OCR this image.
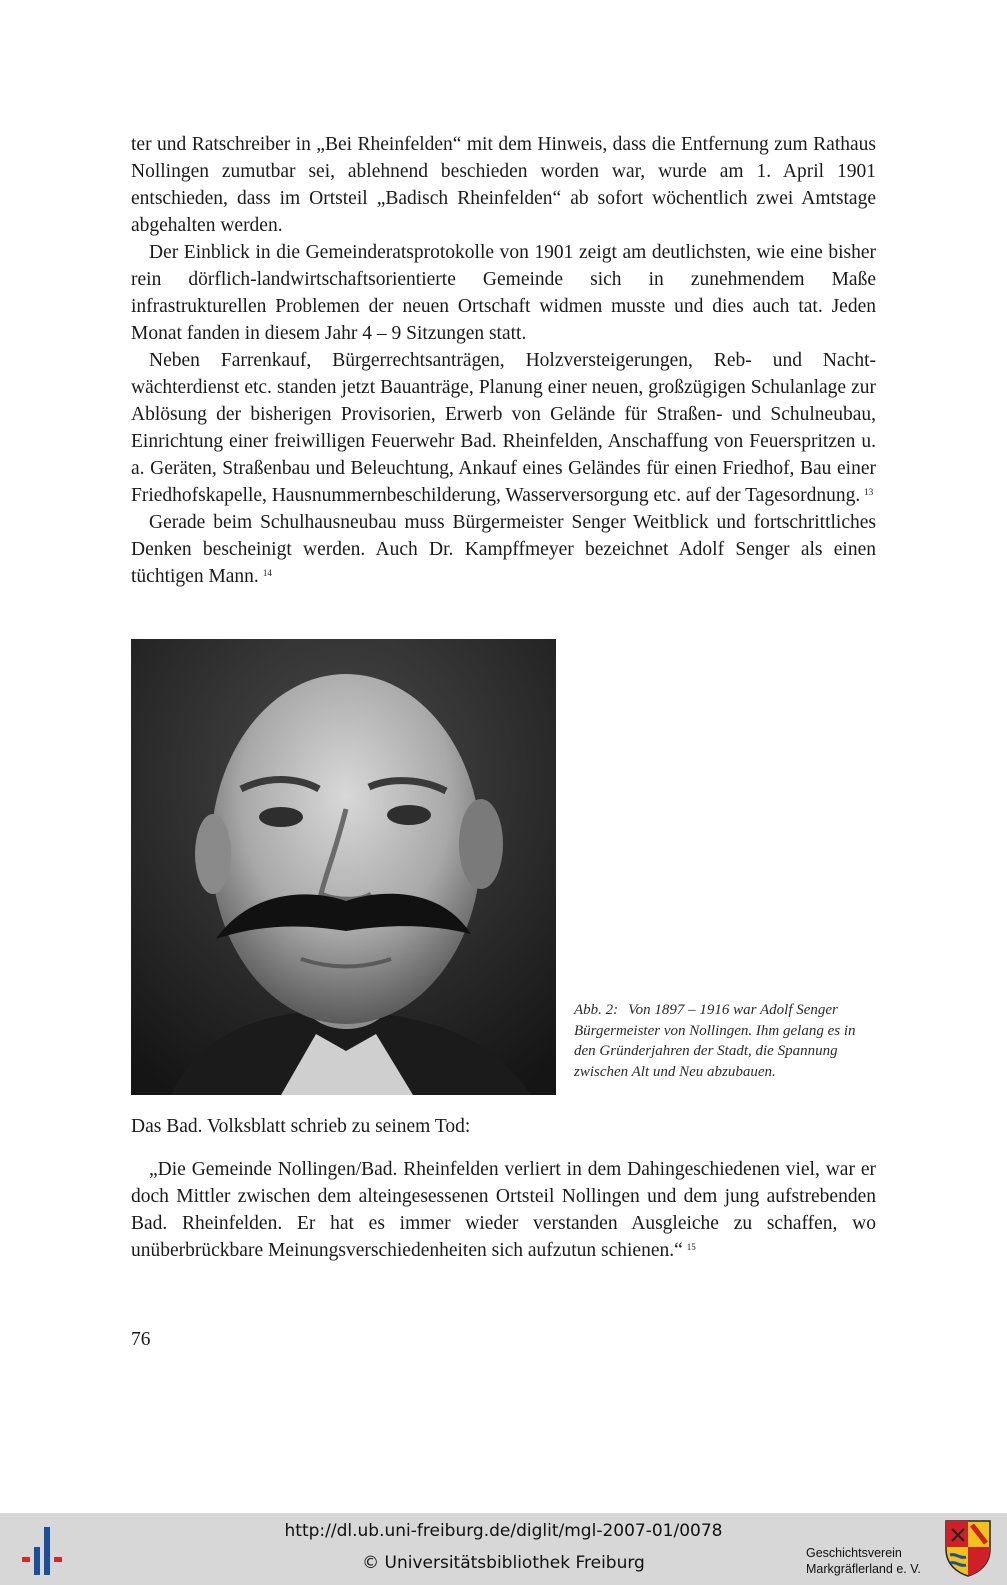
ter und Ratschreiber in „Bei Rheinfelden“ mit dem Hinweis, dass die Entfernung zum Rathaus Nollingen zumutbar sei, ablehnend beschieden worden war, wurde am 1. April 1901 entschieden, dass im Ortsteil „Badisch Rheinfelden“ ab sofort wöchentlich zwei Amtstage abgehalten werden.

Der Einblick in die Gemeinderatsprotokolle von 1901 zeigt am deutlichsten, wie eine bisher rein dörflich-landwirtschaftsorientierte Gemeinde sich in zunehmendem Maße infrastrukturellen Problemen der neuen Ortschaft widmen musste und dies auch tat. Jeden Monat fanden in diesem Jahr 4 – 9 Sitzungen statt.

Neben Farrenkauf, Bürgerrechtsanträgen, Holzversteigerungen, Reb- und Nachtwächterdienst etc. standen jetzt Bauanträge, Planung einer neuen, großzügigen Schulanlage zur Ablösung der bisherigen Provisorien, Erwerb von Gelände für Straßen- und Schulneubau, Einrichtung einer freiwilligen Feuerwehr Bad. Rheinfelden, Anschaffung von Feuerspritzen u. a. Geräten, Straßenbau und Beleuchtung, Ankauf eines Geländes für einen Friedhof, Bau einer Friedhofskapelle, Hausnummernbeschilderung, Wasserversorgung etc. auf der Tagesordnung. $^{13}$

Gerade beim Schulhausneubau muss Bürgermeister Senger Weitblick und fortschrittliches Denken bescheinigt werden. Auch Dr. Kampffmeyer bezeichnet Adolf Senger als einen tüchtigen Mann. $^{14}$

Abb. 2: Von 1897 – 1916 war Adolf Senger Bürgermeister von Nollingen. Ihm gelang es in den Gründerjahren der Stadt, die Spannung zwischen Alt und Neu abzubauen.
Das Bad. Volksblatt schrieb zu seinem Tod:

„Die Gemeinde Nollingen/Bad. Rheinfelden verliert in dem Dahingeschiedenen viel, war er doch Mittler zwischen dem alteingesessenen Ortsteil Nollingen und dem jung aufstrebenden Bad. Rheinfelden. Er hat es immer wieder verstanden Ausgleiche zu schaffen, wo unüberbrückbare Meinungsverschiedenheiten sich aufzutun schienen.“ $^{15}$

76
http://dl.ub.uni-freiburg.de/diglit/mgl-2007-01/0078
© Universitätsbibliothek Freiburg	Geschichtsverein
Markgräflerland e. V.
